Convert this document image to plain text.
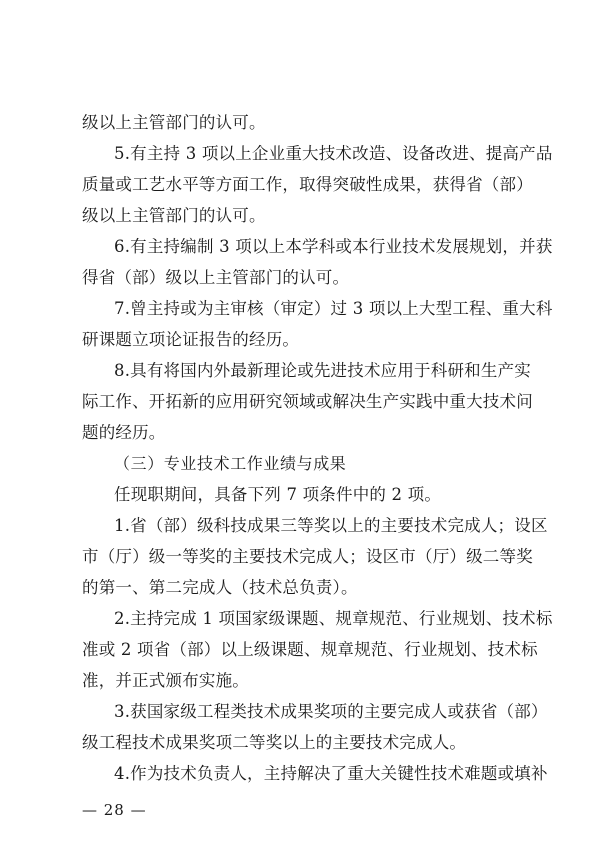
级以上主管部门的认可。
5.有主持 3 项以上企业重大技术改造、设备改进、提高产品
质量或工艺水平等方面工作，取得突破性成果，获得省（部）
级以上主管部门的认可。
6.有主持编制 3 项以上本学科或本行业技术发展规划，并获
得省（部）级以上主管部门的认可。
7.曾主持或为主审核（审定）过 3 项以上大型工程、重大科
研课题立项论证报告的经历。
8.具有将国内外最新理论或先进技术应用于科研和生产实
际工作、开拓新的应用研究领域或解决生产实践中重大技术问
题的经历。
（三）专业技术工作业绩与成果
任现职期间，具备下列 7 项条件中的 2 项。
1.省（部）级科技成果三等奖以上的主要技术完成人；设区
市（厅）级一等奖的主要技术完成人；设区市（厅）级二等奖
的第一、第二完成人（技术总负责）。
2.主持完成 1 项国家级课题、规章规范、行业规划、技术标
准或 2 项省（部）以上级课题、规章规范、行业规划、技术标
准，并正式颁布实施。
3.获国家级工程类技术成果奖项的主要完成人或获省（部）
级工程技术成果奖项二等奖以上的主要技术完成人。
4.作为技术负责人，主持解决了重大关键性技术难题或填补
— 28 —
